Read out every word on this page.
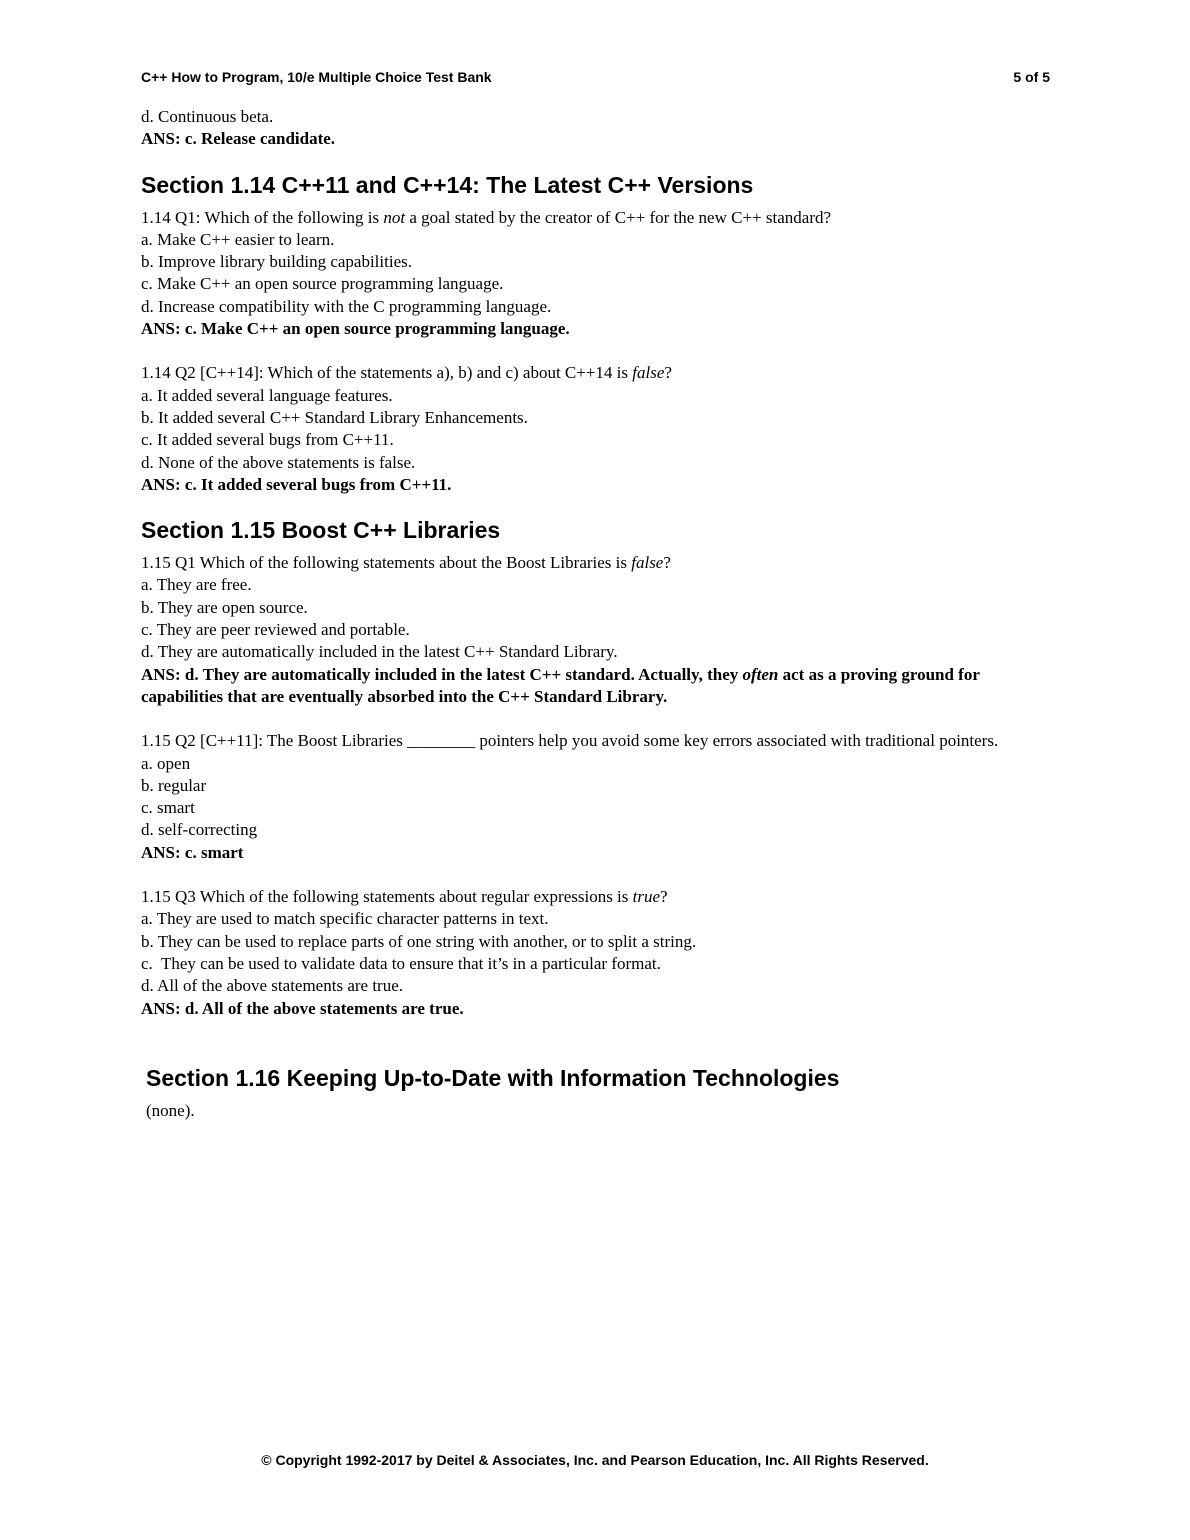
C++ How to Program, 10/e Multiple Choice Test Bank	5 of 5
d. Continuous beta.
ANS: c. Release candidate.
Section 1.14 C++11 and C++14: The Latest C++ Versions
1.14 Q1: Which of the following is not a goal stated by the creator of C++ for the new C++ standard?
a. Make C++ easier to learn.
b. Improve library building capabilities.
c. Make C++ an open source programming language.
d. Increase compatibility with the C programming language.
ANS: c. Make C++ an open source programming language.
1.14 Q2 [C++14]: Which of the statements a), b) and c) about C++14 is false?
a. It added several language features.
b. It added several C++ Standard Library Enhancements.
c. It added several bugs from C++11.
d. None of the above statements is false.
ANS: c. It added several bugs from C++11.
Section 1.15 Boost C++ Libraries
1.15 Q1 Which of the following statements about the Boost Libraries is false?
a. They are free.
b. They are open source.
c. They are peer reviewed and portable.
d. They are automatically included in the latest C++ Standard Library.
ANS: d. They are automatically included in the latest C++ standard. Actually, they often act as a proving ground for capabilities that are eventually absorbed into the C++ Standard Library.
1.15 Q2 [C++11]: The Boost Libraries ________ pointers help you avoid some key errors associated with traditional pointers.
a. open
b. regular
c. smart
d. self-correcting
ANS: c. smart
1.15 Q3 Which of the following statements about regular expressions is true?
a. They are used to match specific character patterns in text.
b. They can be used to replace parts of one string with another, or to split a string.
c.  They can be used to validate data to ensure that it’s in a particular format.
d. All of the above statements are true.
ANS: d. All of the above statements are true.
Section 1.16 Keeping Up-to-Date with Information Technologies
(none).
© Copyright 1992-2017 by Deitel & Associates, Inc. and Pearson Education, Inc. All Rights Reserved.
